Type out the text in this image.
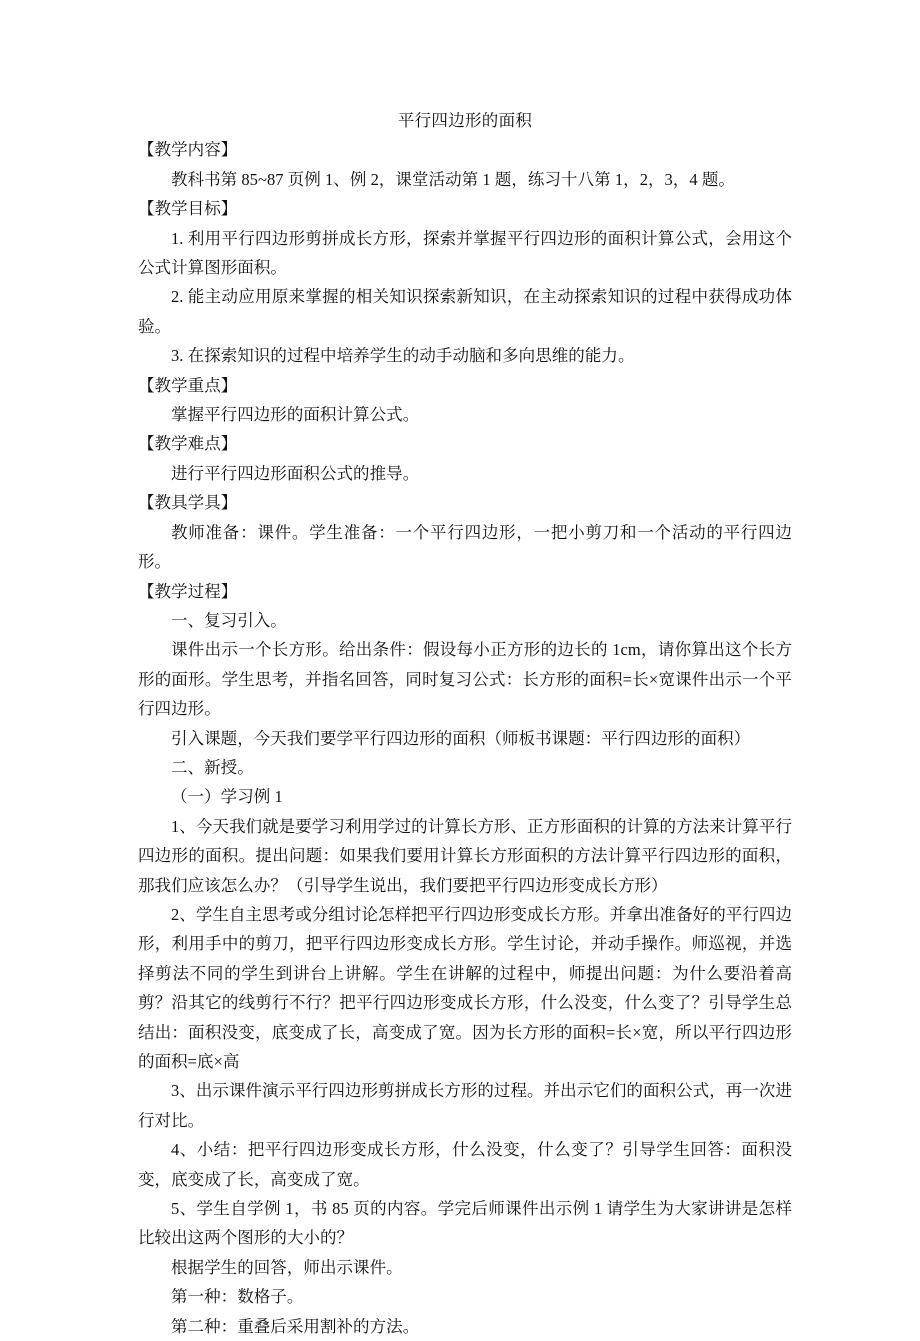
平行四边形的面积

【教学内容】

教科书第 85~87 页例 1、例 2，课堂活动第 1 题，练习十八第 1，2，3，4 题。

【教学目标】

1. 利用平行四边形剪拼成长方形，探索并掌握平行四边形的面积计算公式，会用这个公式计算图形面积。

2. 能主动应用原来掌握的相关知识探索新知识，在主动探索知识的过程中获得成功体验。

3. 在探索知识的过程中培养学生的动手动脑和多向思维的能力。

【教学重点】

掌握平行四边形的面积计算公式。

【教学难点】

进行平行四边形面积公式的推导。

【教具学具】

教师准备：课件。学生准备：一个平行四边形，一把小剪刀和一个活动的平行四边形。

【教学过程】

一、复习引入。

课件出示一个长方形。给出条件：假设每小正方形的边长的 1cm，请你算出这个长方形的面形。学生思考，并指名回答，同时复习公式：长方形的面积=长×宽课件出示一个平行四边形。

引入课题，今天我们要学平行四边形的面积（师板书课题：平行四边形的面积）

二、新授。

（一）学习例 1

1、今天我们就是要学习利用学过的计算长方形、正方形面积的计算的方法来计算平行四边形的面积。提出问题：如果我们要用计算长方形面积的方法计算平行四边形的面积，那我们应该怎么办？（引导学生说出，我们要把平行四边形变成长方形）

2、学生自主思考或分组讨论怎样把平行四边形变成长方形。并拿出准备好的平行四边形，利用手中的剪刀，把平行四边形变成长方形。学生讨论，并动手操作。师巡视，并选择剪法不同的学生到讲台上讲解。学生在讲解的过程中，师提出问题：为什么要沿着高剪？沿其它的线剪行不行？把平行四边形变成长方形，什么没变，什么变了？引导学生总结出：面积没变，底变成了长，高变成了宽。因为长方形的面积=长×宽，所以平行四边形的面积=底×高

3、出示课件演示平行四边形剪拼成长方形的过程。并出示它们的面积公式，再一次进行对比。

4、小结：把平行四边形变成长方形，什么没变，什么变了？引导学生回答：面积没变，底变成了长，高变成了宽。

5、学生自学例 1，书 85 页的内容。学完后师课件出示例 1 请学生为大家讲讲是怎样比较出这两个图形的大小的？

根据学生的回答，师出示课件。

第一种：数格子。

第二种：重叠后采用割补的方法。
